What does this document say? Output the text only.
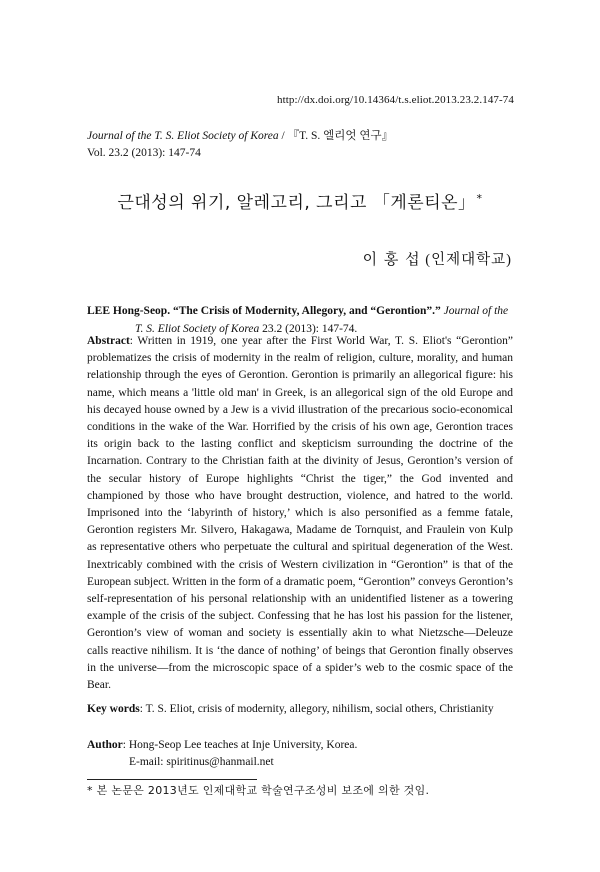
http://dx.doi.org/10.14364/t.s.eliot.2013.23.2.147-74
Journal of the T. S. Eliot Society of Korea / 『T. S. 엘리엇 연구』
Vol. 23.2 (2013): 147-74
근대성의 위기, 알레고리, 그리고 「게론티온」*
이 홍 섭 (인제대학교)
LEE Hong-Seop. “The Crisis of Modernity, Allegory, and “Gerontion”.” Journal of the
T. S. Eliot Society of Korea 23.2 (2013): 147-74.
Abstract: Written in 1919, one year after the First World War, T. S. Eliot's “Gerontion” problematizes the crisis of modernity in the realm of religion, culture, morality, and human relationship through the eyes of Gerontion. Gerontion is primarily an allegorical figure: his name, which means a 'little old man' in Greek, is an allegorical sign of the old Europe and his decayed house owned by a Jew is a vivid illustration of the precarious socio-economical conditions in the wake of the War. Horrified by the crisis of his own age, Gerontion traces its origin back to the lasting conflict and skepticism surrounding the doctrine of the Incarnation. Contrary to the Christian faith at the divinity of Jesus, Gerontion’s version of the secular history of Europe highlights “Christ the tiger,” the God invented and championed by those who have brought destruction, violence, and hatred to the world. Imprisoned into the ‘labyrinth of history,’ which is also personified as a femme fatale, Gerontion registers Mr. Silvero, Hakagawa, Madame de Tornquist, and Fraulein von Kulp as representative others who perpetuate the cultural and spiritual degeneration of the West. Inextricably combined with the crisis of Western civilization in “Gerontion” is that of the European subject. Written in the form of a dramatic poem, “Gerontion” conveys Gerontion’s self-representation of his personal relationship with an unidentified listener as a towering example of the crisis of the subject. Confessing that he has lost his passion for the listener, Gerontion’s view of woman and society is essentially akin to what Nietzsche—Deleuze calls reactive nihilism. It is ‘the dance of nothing’ of beings that Gerontion finally observes in the universe—from the microscopic space of a spider’s web to the cosmic space of the Bear.
Key words: T. S. Eliot, crisis of modernity, allegory, nihilism, social others, Christianity
Author: Hong-Seop Lee teaches at Inje University, Korea.
E-mail: spiritinus@hanmail.net
* 본 논문은 2013년도 인제대학교 학술연구조성비 보조에 의한 것임.
